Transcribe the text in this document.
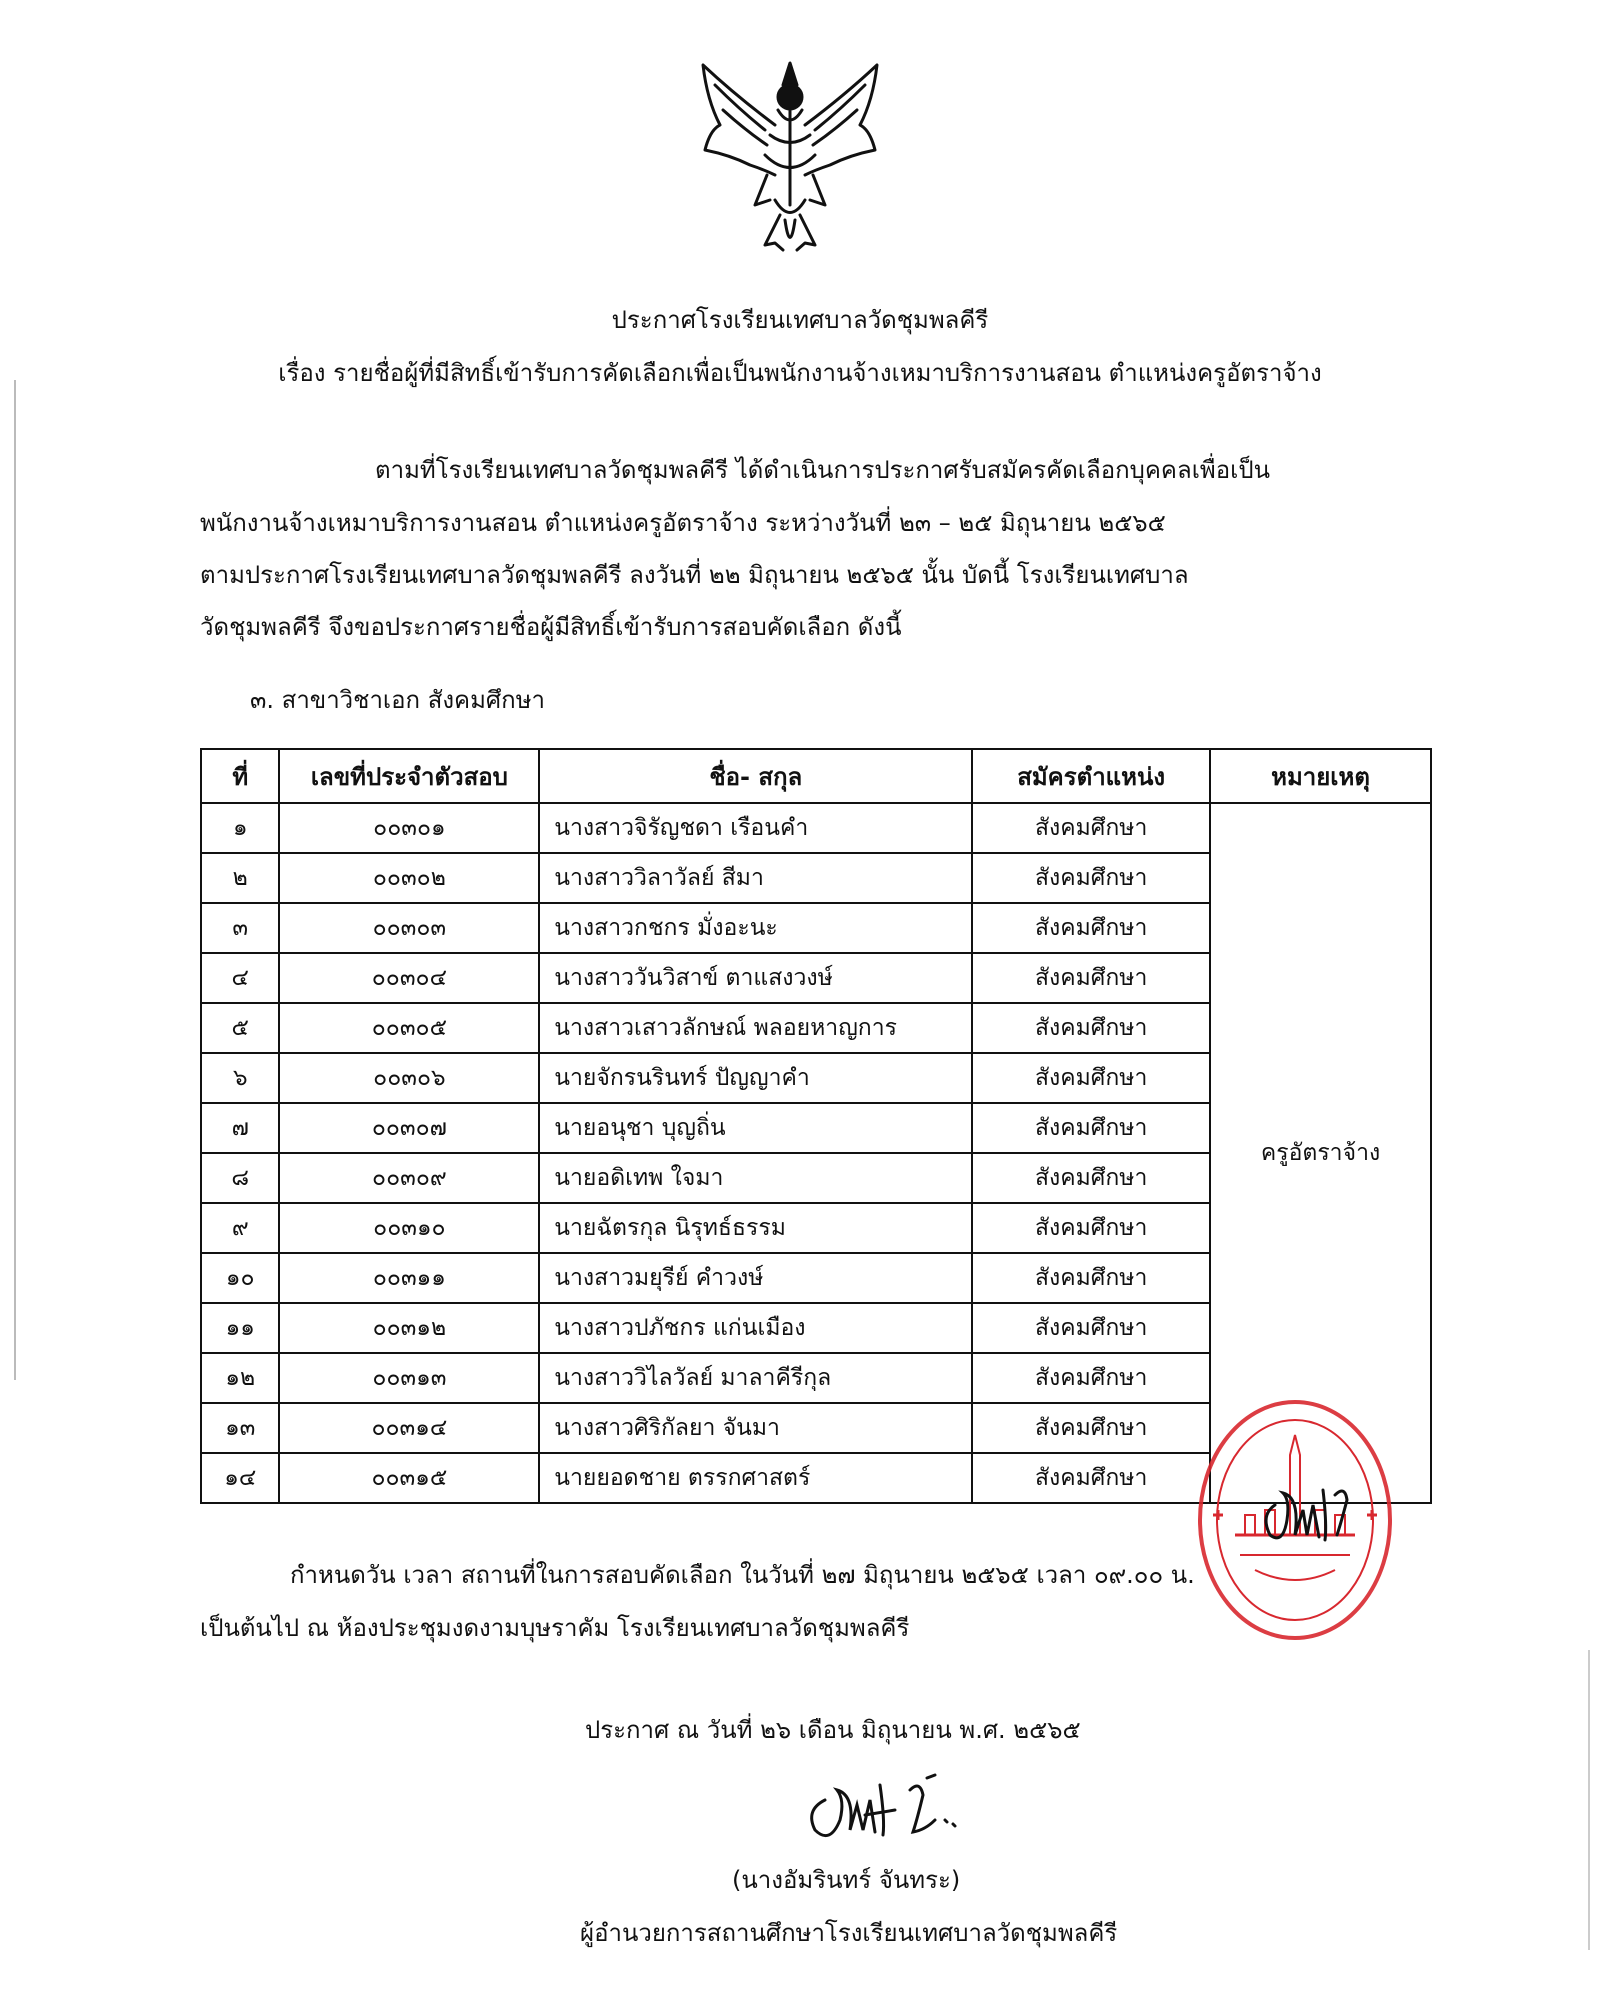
ประกาศโรงเรียนเทศบาลวัดชุมพลคีรี
เรื่อง รายชื่อผู้ที่มีสิทธิ์เข้ารับการคัดเลือกเพื่อเป็นพนักงานจ้างเหมาบริการงานสอน ตำแหน่งครูอัตราจ้าง
ตามที่โรงเรียนเทศบาลวัดชุมพลคีรี ได้ดำเนินการประกาศรับสมัครคัดเลือกบุคคลเพื่อเป็น
พนักงานจ้างเหมาบริการงานสอน ตำแหน่งครูอัตราจ้าง ระหว่างวันที่ ๒๓ – ๒๕ มิถุนายน ๒๕๖๕
ตามประกาศโรงเรียนเทศบาลวัดชุมพลคีรี ลงวันที่ ๒๒ มิถุนายน ๒๕๖๕ นั้น บัดนี้ โรงเรียนเทศบาล
วัดชุมพลคีรี จึงขอประกาศรายชื่อผู้มีสิทธิ์เข้ารับการสอบคัดเลือก ดังนี้
๓. สาขาวิชาเอก สังคมศึกษา
ที่	เลขที่ประจำตัวสอบ	ชื่อ- สกุล	สมัครตำแหน่ง	หมายเหตุ
๑	๐๐๓๐๑	นางสาวจิรัญชดา เรือนคำ	สังคมศึกษา	ครูอัตราจ้าง
๒	๐๐๓๐๒	นางสาววิลาวัลย์ สีมา	สังคมศึกษา	
๓	๐๐๓๐๓	นางสาวกชกร มั่งอะนะ	สังคมศึกษา	
๔	๐๐๓๐๔	นางสาววันวิสาข์ ตาแสงวงษ์	สังคมศึกษา	
๕	๐๐๓๐๕	นางสาวเสาวลักษณ์ พลอยหาญการ	สังคมศึกษา	
๖	๐๐๓๐๖	นายจักรนรินทร์ ปัญญาคำ	สังคมศึกษา	
๗	๐๐๓๐๗	นายอนุชา บุญถิ่น	สังคมศึกษา	
๘	๐๐๓๐๙	นายอดิเทพ ใจมา	สังคมศึกษา	
๙	๐๐๓๑๐	นายฉัตรกุล นิรุทธ์ธรรม	สังคมศึกษา	
๑๐	๐๐๓๑๑	นางสาวมยุรีย์ คำวงษ์	สังคมศึกษา	
๑๑	๐๐๓๑๒	นางสาวปภัชกร แก่นเมือง	สังคมศึกษา	
๑๒	๐๐๓๑๓	นางสาววิไลวัลย์ มาลาคีรีกุล	สังคมศึกษา	
๑๓	๐๐๓๑๔	นางสาวศิริกัลยา จันมา	สังคมศึกษา	
๑๔	๐๐๓๑๕	นายยอดชาย ตรรกศาสตร์	สังคมศึกษา	
กำหนดวัน เวลา สถานที่ในการสอบคัดเลือก ในวันที่ ๒๗ มิถุนายน ๒๕๖๕ เวลา ๐๙.๐๐ น.
เป็นต้นไป ณ ห้องประชุมงดงามบุษราคัม โรงเรียนเทศบาลวัดชุมพลคีรี
ประกาศ ณ วันที่ ๒๖ เดือน มิถุนายน พ.ศ. ๒๕๖๕
(นางอัมรินทร์ จันทระ)
ผู้อำนวยการสถานศึกษาโรงเรียนเทศบาลวัดชุมพลคีรี
